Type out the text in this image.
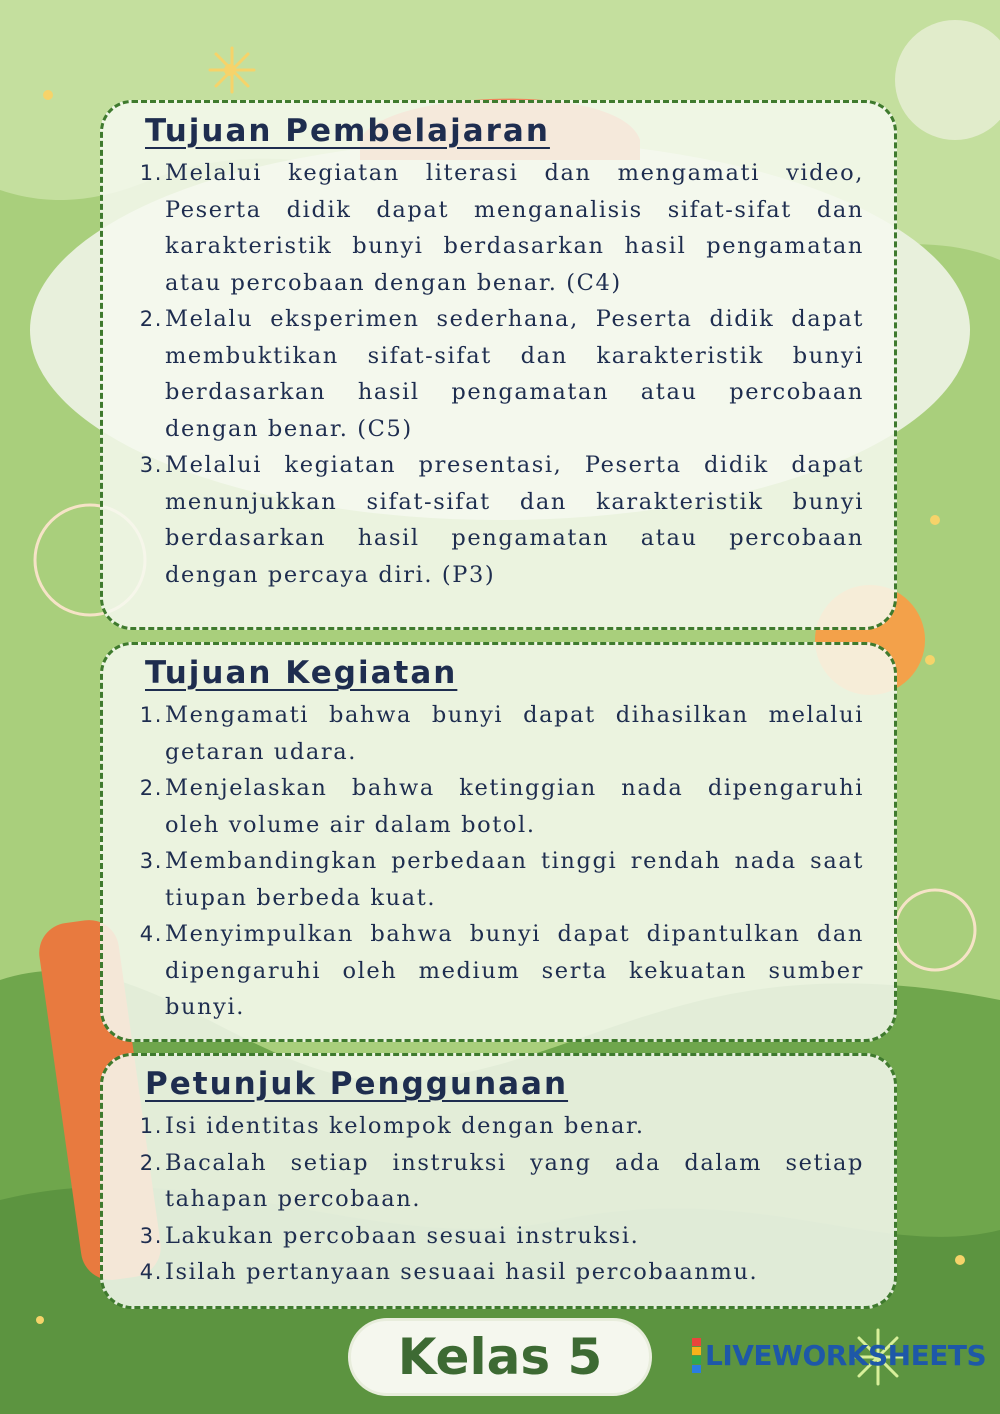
Tujuan Pembelajaran
1. Melalui kegiatan literasi dan mengamati video, Peserta didik dapat menganalisis sifat-sifat dan karakteristik bunyi berdasarkan hasil pengamatan atau percobaan dengan benar. (C4)
2. Melalu eksperimen sederhana, Peserta didik dapat membuktikan sifat-sifat dan karakteristik bunyi berdasarkan hasil pengamatan atau percobaan dengan benar. (C5)
3. Melalui kegiatan presentasi, Peserta didik dapat menunjukkan sifat-sifat dan karakteristik bunyi berdasarkan hasil pengamatan atau percobaan dengan percaya diri. (P3)
Tujuan Kegiatan
1. Mengamati bahwa bunyi dapat dihasilkan melalui getaran udara.
2. Menjelaskan bahwa ketinggian nada dipengaruhi oleh volume air dalam botol.
3. Membandingkan perbedaan tinggi rendah nada saat tiupan berbeda kuat.
4. Menyimpulkan bahwa bunyi dapat dipantulkan dan dipengaruhi oleh medium serta kekuatan sumber bunyi.
Petunjuk Penggunaan
1. Isi identitas kelompok dengan benar.
2. Bacalah setiap instruksi yang ada dalam setiap tahapan percobaan.
3. Lakukan percobaan sesuai instruksi.
4. Isilah pertanyaan sesuaai hasil percobaanmu.
Kelas 5	LIVEWORKSHEETS
